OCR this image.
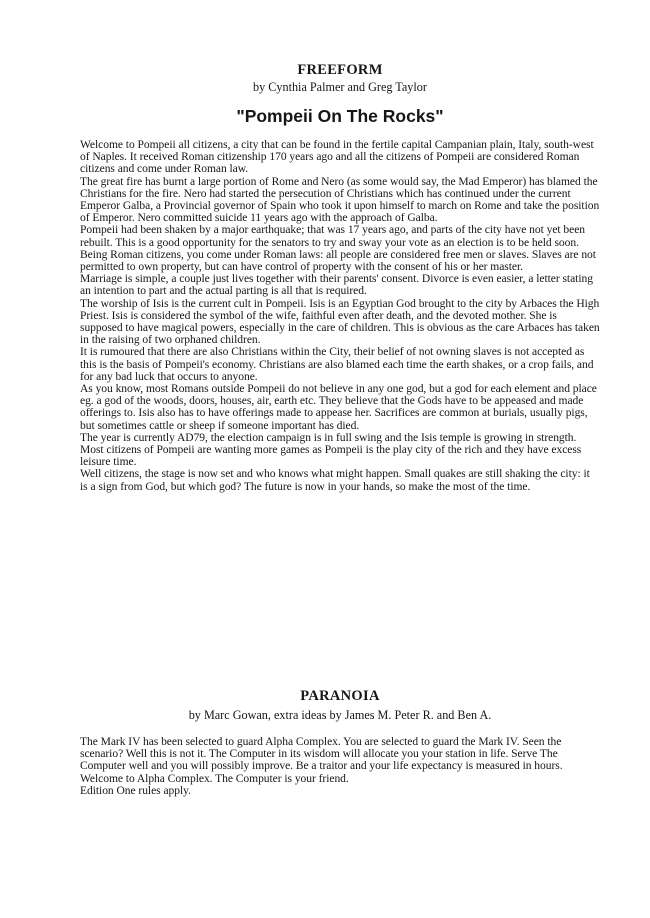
FREEFORM

by Cynthia Palmer and Greg Taylor

"Pompeii On The Rocks"

Welcome to Pompeii all citizens, a city that can be found in the fertile capital Campanian plain, Italy, south-west of Naples. It received Roman citizenship 170 years ago and all the citizens of Pompeii are considered Roman citizens and come under Roman law.

The great fire has burnt a large portion of Rome and Nero (as some would say, the Mad Emperor) has blamed the Christians for the fire. Nero had started the persecution of Christians which has continued under the current Emperor Galba, a Provincial governor of Spain who took it upon himself to march on Rome and take the position of Emperor. Nero committed suicide 11 years ago with the approach of Galba.

Pompeii had been shaken by a major earthquake; that was 17 years ago, and parts of the city have not yet been rebuilt. This is a good opportunity for the senators to try and sway your vote as an election is to be held soon.

Being Roman citizens, you come under Roman laws: all people are considered free men or slaves. Slaves are not permitted to own property, but can have control of property with the consent of his or her master.

Marriage is simple, a couple just lives together with their parents' consent. Divorce is even easier, a letter stating an intention to part and the actual parting is all that is required.

The worship of Isis is the current cult in Pompeii. Isis is an Egyptian God brought to the city by Arbaces the High Priest. Isis is considered the symbol of the wife, faithful even after death, and the devoted mother. She is supposed to have magical powers, especially in the care of children. This is obvious as the care Arbaces has taken in the raising of two orphaned children.

It is rumoured that there are also Christians within the City, their belief of not owning slaves is not accepted as this is the basis of Pompeii's economy. Christians are also blamed each time the earth shakes, or a crop fails, and for any bad luck that occurs to anyone.

As you know, most Romans outside Pompeii do not believe in any one god, but a god for each element and place eg. a god of the woods, doors, houses, air, earth etc. They believe that the Gods have to be appeased and made offerings to. Isis also has to have offerings made to appease her. Sacrifices are common at burials, usually pigs, but sometimes cattle or sheep if someone important has died.

The year is currently AD79, the election campaign is in full swing and the Isis temple is growing in strength. Most citizens of Pompeii are wanting more games as Pompeii is the play city of the rich and they have excess leisure time.

Well citizens, the stage is now set and who knows what might happen. Small quakes are still shaking the city: it is a sign from God, but which god? The future is now in your hands, so make the most of the time.

PARANOIA

by Marc Gowan, extra ideas by James M. Peter R. and Ben A.

The Mark IV has been selected to guard Alpha Complex. You are selected to guard the Mark IV. Seen the scenario? Well this is not it. The Computer in its wisdom will allocate you your station in life. Serve The Computer well and you will possibly improve. Be a traitor and your life expectancy is measured in hours. Welcome to Alpha Complex. The Computer is your friend.

Edition One rules apply.
